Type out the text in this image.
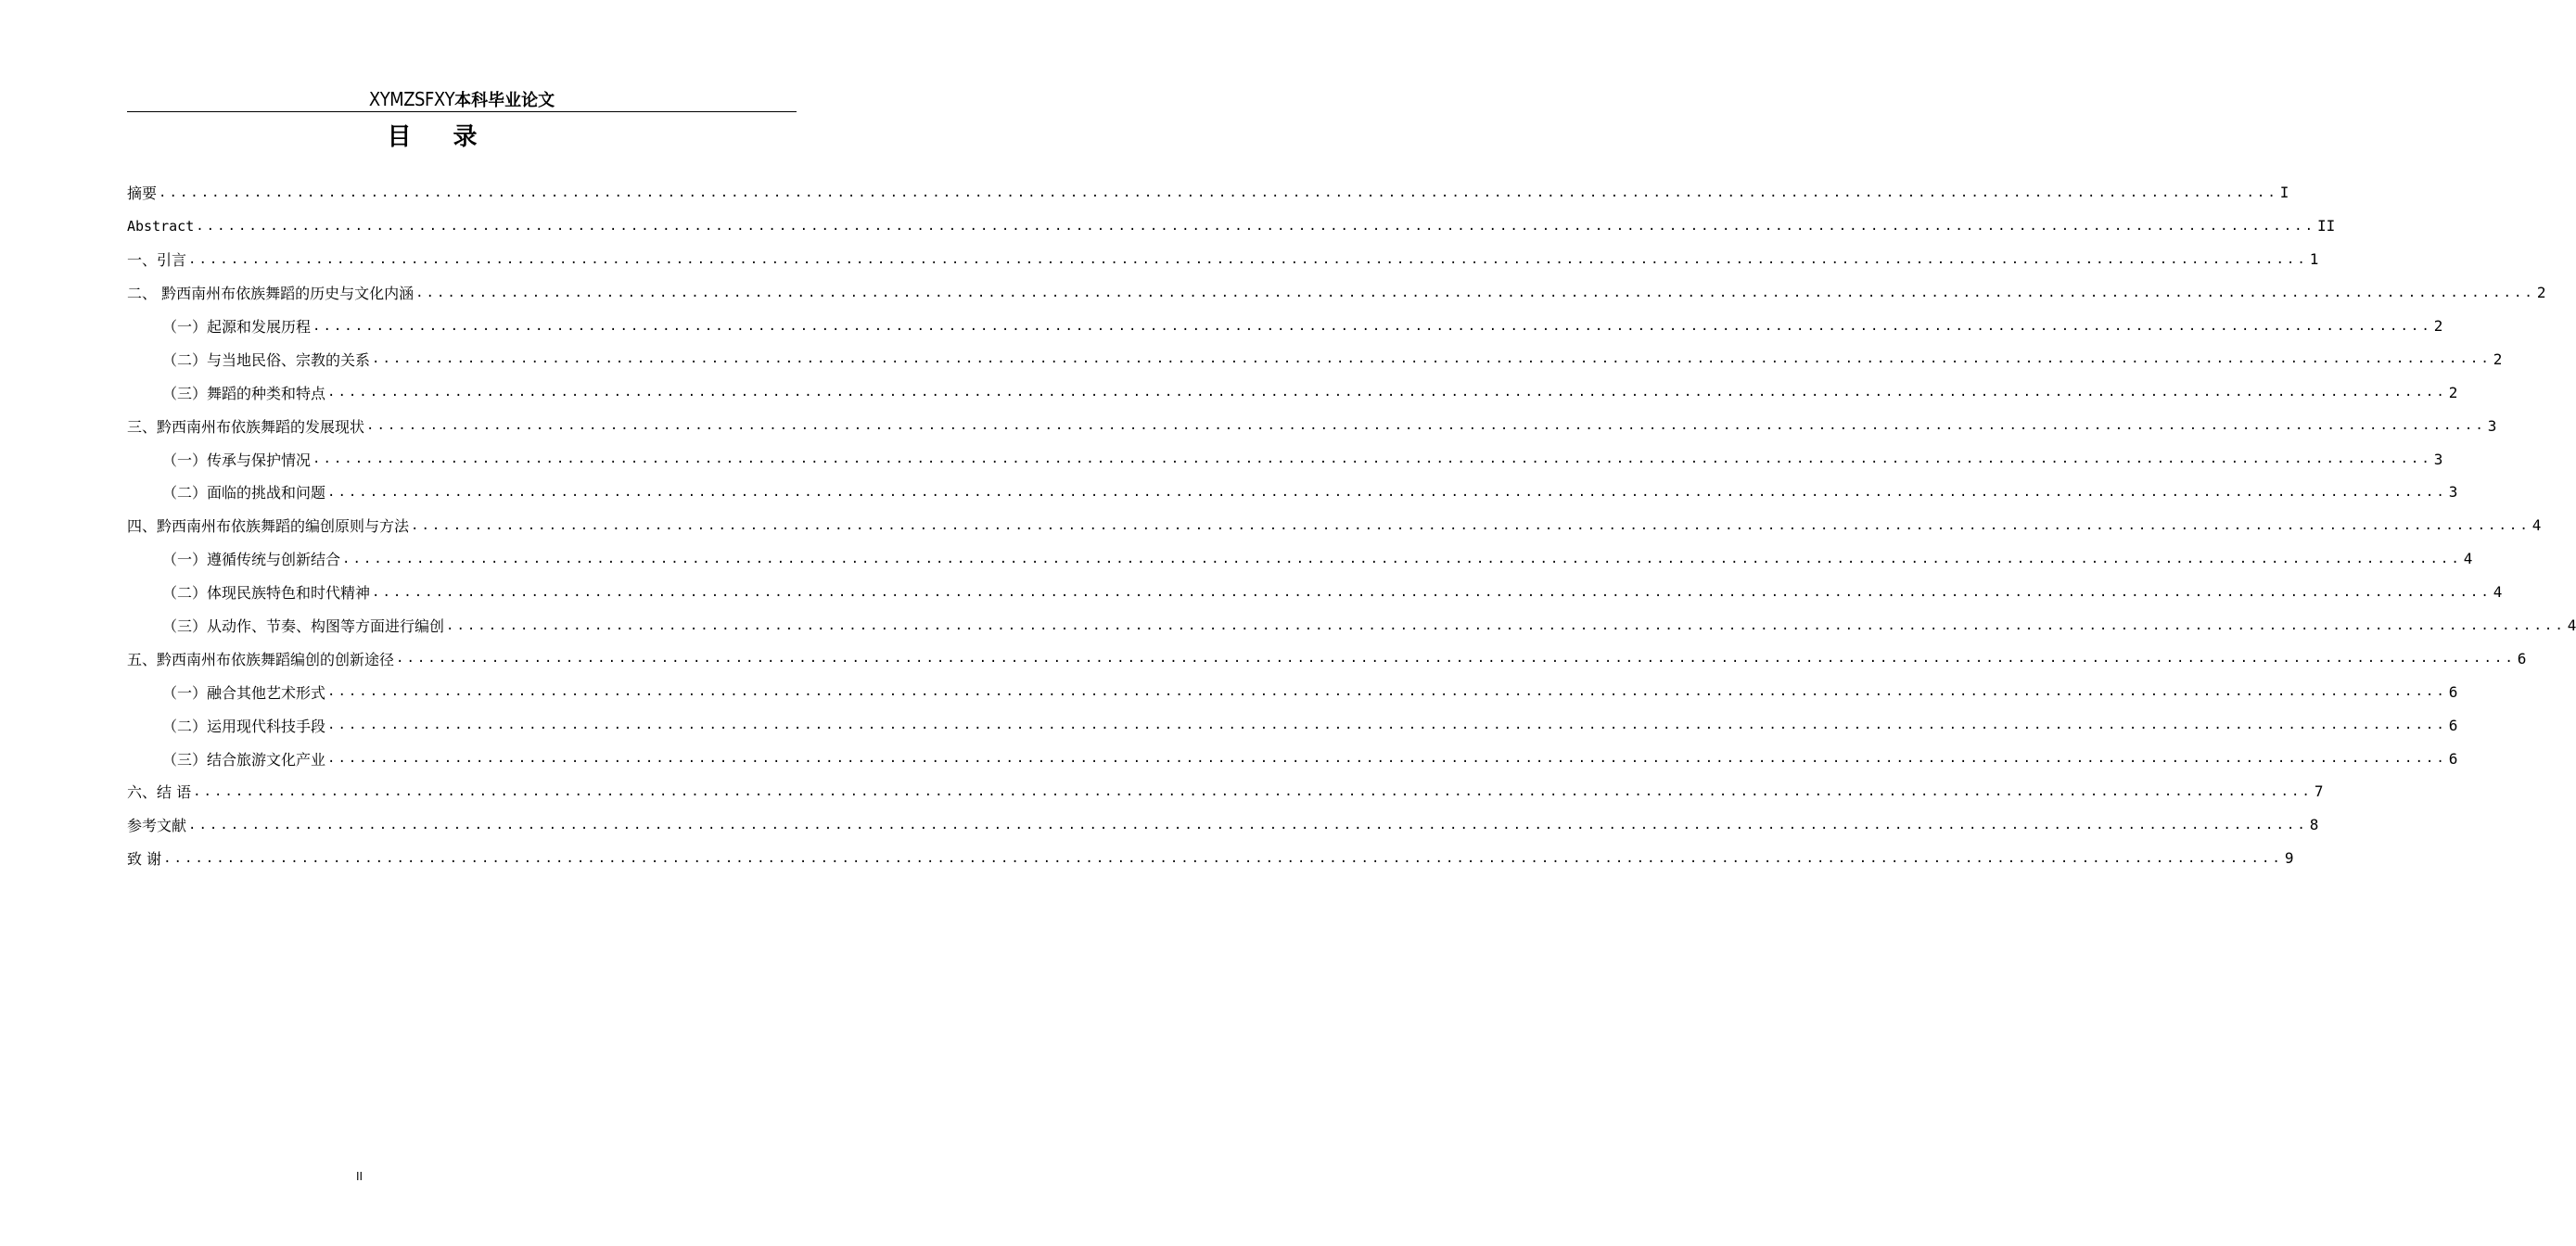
XYMZSFXY本科毕业论文
目 录
摘要 ........................................................................................................................................................................................................ I
Abstract ........................................................................................................................................................................................................ II
一、引言 ........................................................................................................................................................................................................ 1
二、 黔西南州布依族舞蹈的历史与文化内涵 ........................................................................................................................................................................................................ 2
（一）起源和发展历程 ........................................................................................................................................................................................................ 2
（二）与当地民俗、宗教的关系 ........................................................................................................................................................................................................ 2
（三）舞蹈的种类和特点 ........................................................................................................................................................................................................ 2
三、黔西南州布依族舞蹈的发展现状 ........................................................................................................................................................................................................ 3
（一）传承与保护情况 ........................................................................................................................................................................................................ 3
（二）面临的挑战和问题 ........................................................................................................................................................................................................ 3
四、黔西南州布依族舞蹈的编创原则与方法 ........................................................................................................................................................................................................ 4
（一）遵循传统与创新结合 ........................................................................................................................................................................................................ 4
（二）体现民族特色和时代精神 ........................................................................................................................................................................................................ 4
（三）从动作、节奏、构图等方面进行编创 ........................................................................................................................................................................................................ 4
五、黔西南州布依族舞蹈编创的创新途径 ........................................................................................................................................................................................................ 6
（一）融合其他艺术形式 ........................................................................................................................................................................................................ 6
（二）运用现代科技手段 ........................................................................................................................................................................................................ 6
（三）结合旅游文化产业 ........................................................................................................................................................................................................ 6
六、结 语 ........................................................................................................................................................................................................ 7
参考文献 ........................................................................................................................................................................................................ 8
致 谢 ........................................................................................................................................................................................................ 9
II
